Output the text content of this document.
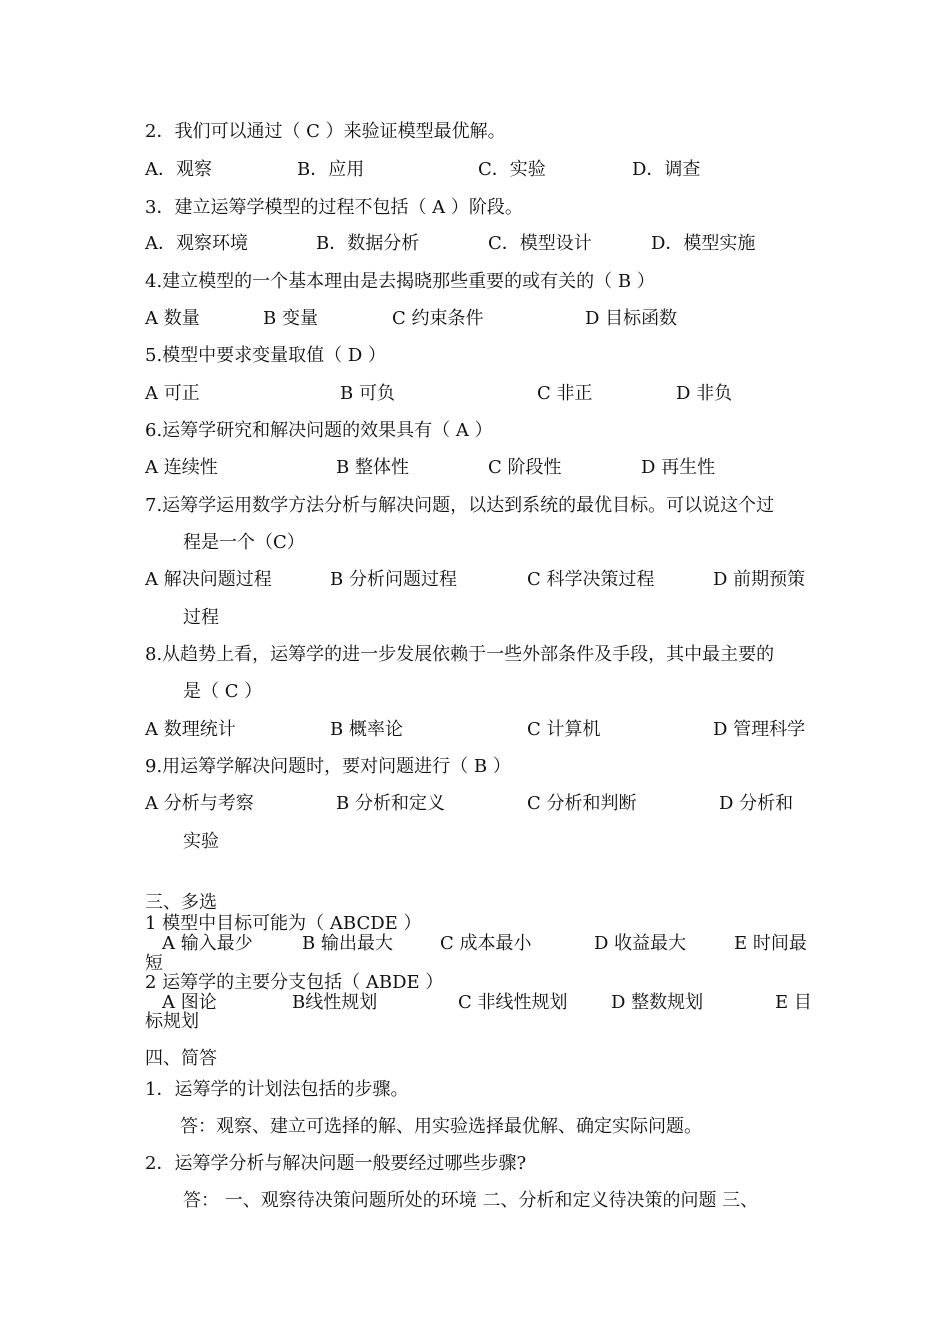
2．我们可以通过（ C ）来验证模型最优解。
A．观察	B．应用	C．实验	D．调查
3．建立运筹学模型的过程不包括（ A ）阶段。
A．观察环境	B．数据分析	C．模型设计	D．模型实施
4.建立模型的一个基本理由是去揭晓那些重要的或有关的（ B ）
A 数量	B 变量	C 约束条件	D 目标函数
5.模型中要求变量取值（ D ）
A 可正	B 可负	C 非正	D 非负
6.运筹学研究和解决问题的效果具有（ A ）
A 连续性	B 整体性	C 阶段性	D 再生性
7.运筹学运用数学方法分析与解决问题，以达到系统的最优目标。可以说这个过
程是一个（C）
A 解决问题过程	B 分析问题过程	C 科学决策过程	D 前期预策
过程
8.从趋势上看，运筹学的进一步发展依赖于一些外部条件及手段，其中最主要的
是（ C ）
A 数理统计	B 概率论	C 计算机	D 管理科学
9.用运筹学解决问题时，要对问题进行（ B ）
A 分析与考察	B 分析和定义	C 分析和判断	D 分析和
实验
三、多选
1 模型中目标可能为（ ABCDE ）
A 输入最少	B 输出最大	C 成本最小	D 收益最大	E 时间最
短
2 运筹学的主要分支包括（ ABDE ）
A 图论	B线性规划	C 非线性规划 D 整数规划	E 目
标规划
四、简答
1．运筹学的计划法包括的步骤。
答：观察、建立可选择的解、用实验选择最优解、确定实际问题。
2．运筹学分析与解决问题一般要经过哪些步骤?
答： 一、观察待决策问题所处的环境 二、分析和定义待决策的问题 三、
